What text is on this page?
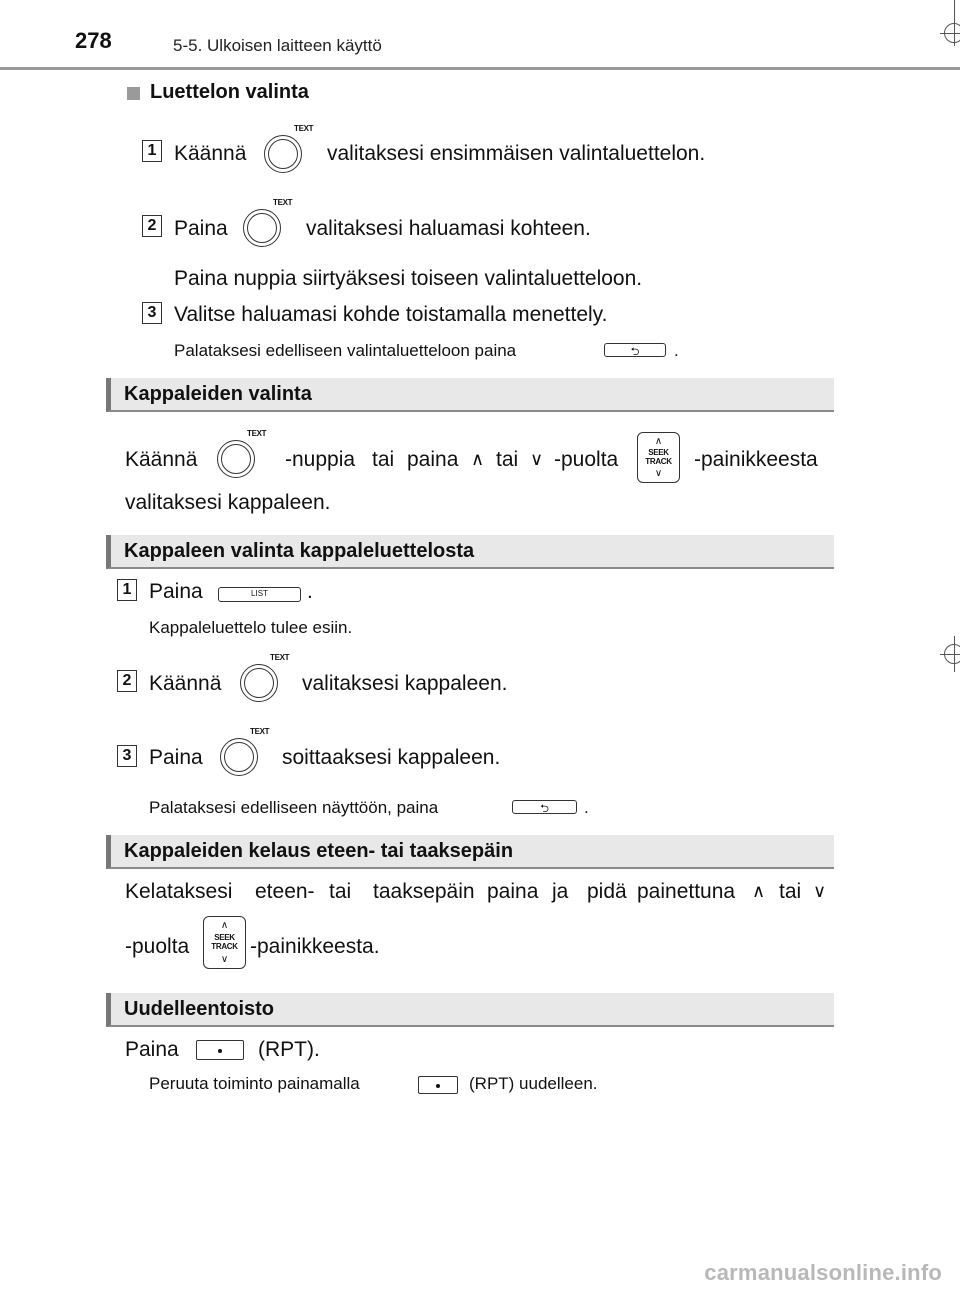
278	5-5. Ulkoisen laitteen käyttö
Luettelon valinta
1 Käännä
TEXT
valitaksesi ensimmäisen valintaluettelon.
2 Paina
TEXT
valitaksesi haluamasi kohteen.
Paina nuppia siirtyäksesi toiseen valintaluetteloon.
3 Valitse haluamasi kohde toistamalla menettely.
Palataksesi edelliseen valintaluetteloon paina	⮌ .
Kappaleiden valinta
Käännä
TEXT
-nuppia tai paina ∧ tai ∨ -puolta
∧
SEEK
TRACK
∨
-painikkeesta
valitaksesi kappaleen.
Kappaleen valinta kappaleluettelosta
1 Paina	LIST	.
Kappaleluettelo tulee esiin.
2 Käännä
TEXT
valitaksesi kappaleen.
3 Paina
TEXT
soittaaksesi kappaleen.
Palataksesi edelliseen näyttöön, paina	⮌ .
Kappaleiden kelaus eteen- tai taaksepäin
Kelataksesi eteen- tai taaksepäin paina ja pidä painettuna ∧ tai ∨
-puolta
∧
SEEK
TRACK
∨
-painikkeesta.
Uudelleentoisto
Paina	(RPT).
Peruuta toiminto painamalla	(RPT) uudelleen.
carmanualsonline.info
